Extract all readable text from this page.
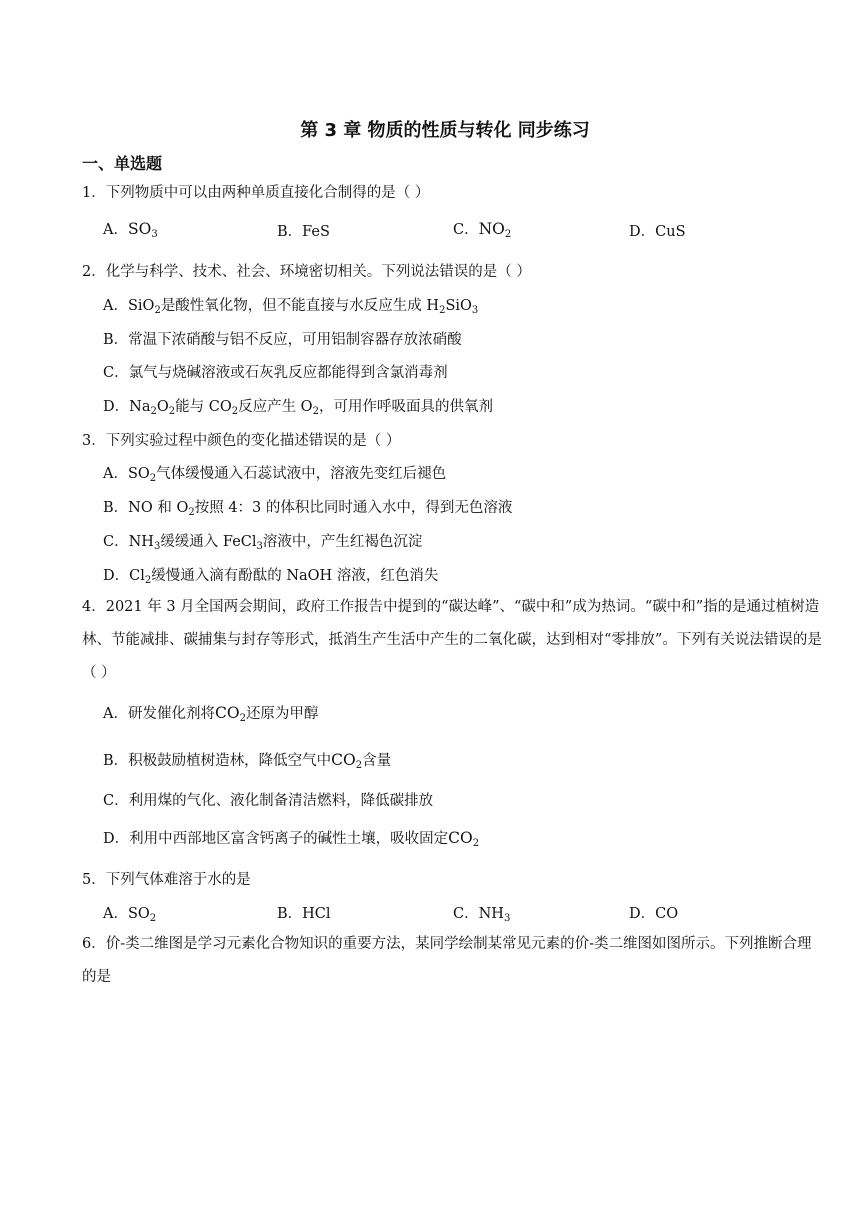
第 3 章 物质的性质与转化 同步练习
一、单选题
1．下列物质中可以由两种单质直接化合制得的是（ ）
A．$SO_3$	B．FeS	C．$NO_2$	D．CuS
2．化学与科学、技术、社会、环境密切相关。下列说法错误的是（ ）
A．SiO$_2$是酸性氧化物，但不能直接与水反应生成 $H_2SiO_3$
B．常温下浓硝酸与铝不反应，可用铝制容器存放浓硝酸
C．氯气与烧碱溶液或石灰乳反应都能得到含氯消毒剂
D．$Na_2O_2$能与 $CO_2$反应产生 $O_2$，可用作呼吸面具的供氧剂
3．下列实验过程中颜色的变化描述错误的是（ ）
A．$SO_2$气体缓慢通入石蕊试液中，溶液先变红后褪色
B．NO 和 $O_2$按照 4：3 的体积比同时通入水中，得到无色溶液
C．$NH_3$缓缓通入 FeCl$_3$溶液中，产生红褐色沉淀
D．$Cl_2$缓慢通入滴有酚酞的 NaOH 溶液，红色消失
4．2021 年 3 月全国两会期间，政府工作报告中提到的“碳达峰”、“碳中和”成为热词。“碳中和”指的是通过植树造林、节能减排、碳捕集与封存等形式，抵消生产生活中产生的二氧化碳，达到相对“零排放”。下列有关说法错误的是（ ）
A．研发催化剂将$CO_2$还原为甲醇
B．积极鼓励植树造林，降低空气中$CO_2$含量
C．利用煤的气化、液化制备清洁燃料，降低碳排放
D．利用中西部地区富含钙离子的碱性土壤，吸收固定$CO_2$
5．下列气体难溶于水的是
A．$SO_2$	B．HCl	C．$NH_3$	D．CO
6．价-类二维图是学习元素化合物知识的重要方法，某同学绘制某常见元素的价-类二维图如图所示。下列推断合理的是
